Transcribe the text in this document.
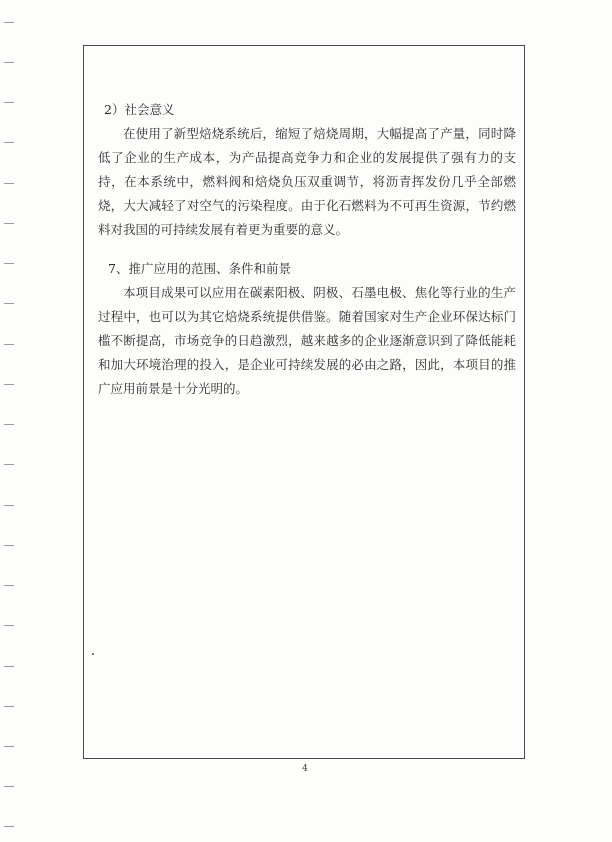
2）社会意义

在使用了新型焙烧系统后，缩短了焙烧周期，大幅提高了产量，同时降低了企业的生产成本，为产品提高竞争力和企业的发展提供了强有力的支持，在本系统中，燃料阀和焙烧负压双重调节，将沥青挥发份几乎全部燃烧，大大减轻了对空气的污染程度。由于化石燃料为不可再生资源，节约燃料对我国的可持续发展有着更为重要的意义。

7、推广应用的范围、条件和前景

本项目成果可以应用在碳素阳极、阴极、石墨电极、焦化等行业的生产过程中，也可以为其它焙烧系统提供借鉴。随着国家对生产企业环保达标门槛不断提高，市场竞争的日趋激烈，越来越多的企业逐渐意识到了降低能耗和加大环境治理的投入，是企业可持续发展的必由之路，因此，本项目的推广应用前景是十分光明的。

4
